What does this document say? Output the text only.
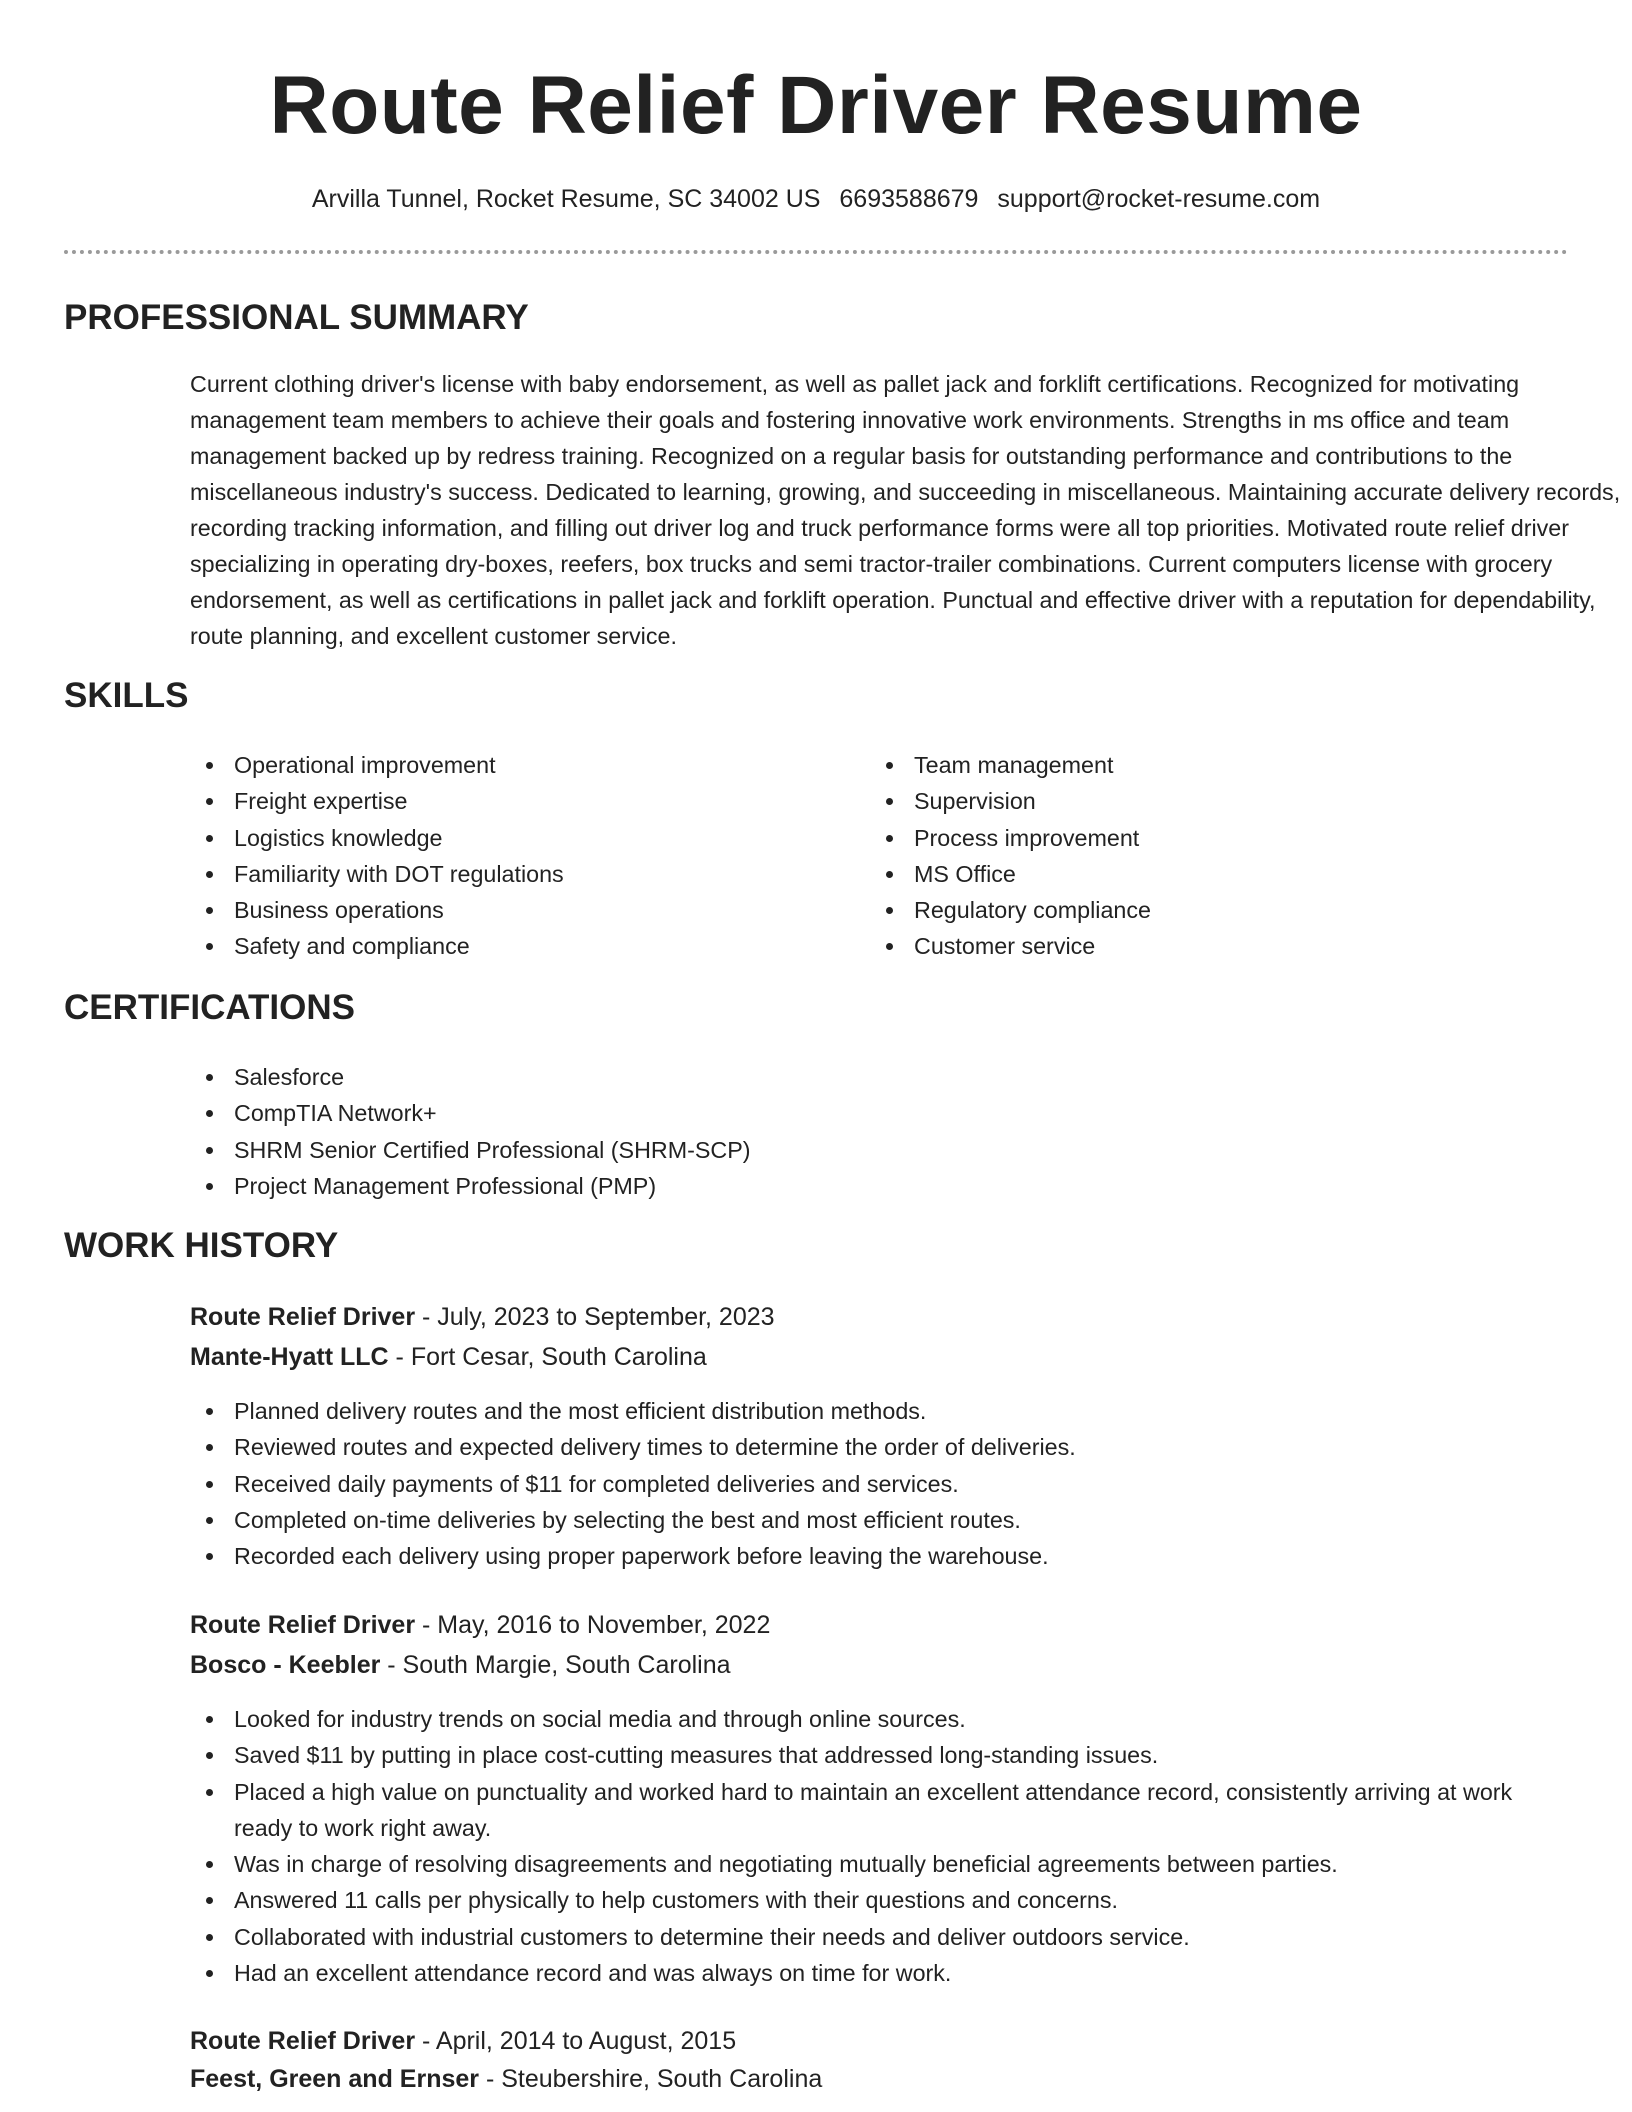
Route Relief Driver Resume
Arvilla Tunnel, Rocket Resume, SC 34002 US 6693588679 support@rocket-resume.com
PROFESSIONAL SUMMARY

Current clothing driver's license with baby endorsement, as well as pallet jack and forklift certifications. Recognized for motivating management team members to achieve their goals and fostering innovative work environments. Strengths in ms office and team management backed up by redress training. Recognized on a regular basis for outstanding performance and contributions to the miscellaneous industry's success. Dedicated to learning, growing, and succeeding in miscellaneous. Maintaining accurate delivery records, recording tracking information, and filling out driver log and truck performance forms were all top priorities. Motivated route relief driver specializing in operating dry-boxes, reefers, box trucks and semi tractor-trailer combinations. Current computers license with grocery endorsement, as well as certifications in pallet jack and forklift operation. Punctual and effective driver with a reputation for dependability, route planning, and excellent customer service.

SKILLS
Operational improvement
Freight expertise
Logistics knowledge
Familiarity with DOT regulations
Business operations
Safety and compliance
Team management
Supervision
Process improvement
MS Office
Regulatory compliance
Customer service
CERTIFICATIONS
Salesforce
CompTIA Network+
SHRM Senior Certified Professional (SHRM-SCP)
Project Management Professional (PMP)
WORK HISTORY
Route Relief Driver - July, 2023 to September, 2023
Mante-Hyatt LLC - Fort Cesar, South Carolina
Planned delivery routes and the most efficient distribution methods.
Reviewed routes and expected delivery times to determine the order of deliveries.
Received daily payments of $11 for completed deliveries and services.
Completed on-time deliveries by selecting the best and most efficient routes.
Recorded each delivery using proper paperwork before leaving the warehouse.
Route Relief Driver - May, 2016 to November, 2022
Bosco - Keebler - South Margie, South Carolina
Looked for industry trends on social media and through online sources.
Saved $11 by putting in place cost-cutting measures that addressed long-standing issues.
Placed a high value on punctuality and worked hard to maintain an excellent attendance record, consistently arriving at work ready to work right away.
Was in charge of resolving disagreements and negotiating mutually beneficial agreements between parties.
Answered 11 calls per physically to help customers with their questions and concerns.
Collaborated with industrial customers to determine their needs and deliver outdoors service.
Had an excellent attendance record and was always on time for work.
Route Relief Driver - April, 2014 to August, 2015
Feest, Green and Ernser - Steubershire, South Carolina
